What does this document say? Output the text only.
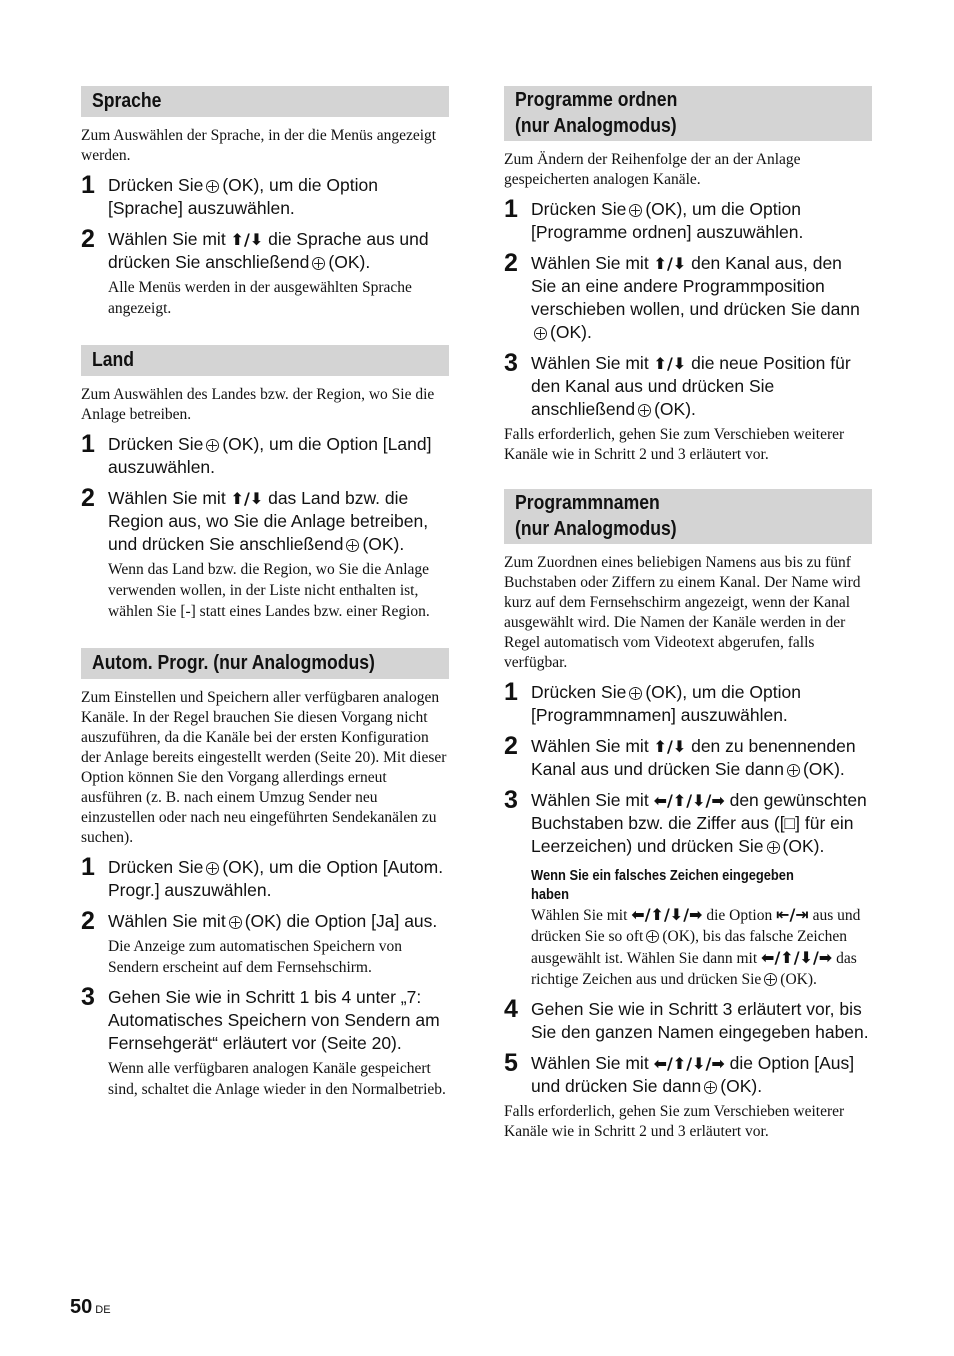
Sprache
Zum Auswählen der Sprache, in der die Menüs angezeigt werden.
1 Drücken Sie (OK), um die Option [Sprache] auszuwählen.
2 Wählen Sie mit ⬆/⬇ die Sprache aus und drücken Sie anschließend (OK).
Alle Menüs werden in der ausgewählten Sprache angezeigt.
Land
Zum Auswählen des Landes bzw. der Region, wo Sie die Anlage betreiben.
1 Drücken Sie (OK), um die Option [Land] auszuwählen.
2 Wählen Sie mit ⬆/⬇ das Land bzw. die Region aus, wo Sie die Anlage betreiben, und drücken Sie anschließend (OK).
Wenn das Land bzw. die Region, wo Sie die Anlage verwenden wollen, in der Liste nicht enthalten ist, wählen Sie [-] statt eines Landes bzw. einer Region.
Autom. Progr. (nur Analogmodus)
Zum Einstellen und Speichern aller verfügbaren analogen Kanäle. In der Regel brauchen Sie diesen Vorgang nicht auszuführen, da die Kanäle bei der ersten Konfiguration der Anlage bereits eingestellt werden (Seite 20). Mit dieser Option können Sie den Vorgang allerdings erneut ausführen (z. B. nach einem Umzug Sender neu einzustellen oder nach neu eingeführten Sendekanälen zu suchen).
1 Drücken Sie (OK), um die Option [Autom. Progr.] auszuwählen.
2 Wählen Sie mit (OK) die Option [Ja] aus.
Die Anzeige zum automatischen Speichern von Sendern erscheint auf dem Fernsehschirm.
3 Gehen Sie wie in Schritt 1 bis 4 unter „7: Automatisches Speichern von Sendern am Fernsehgerät“ erläutert vor (Seite 20).
Wenn alle verfügbaren analogen Kanäle gespeichert sind, schaltet die Anlage wieder in den Normalbetrieb.
Programme ordnen
(nur Analogmodus)
Zum Ändern der Reihenfolge der an der Anlage gespeicherten analogen Kanäle.
1 Drücken Sie (OK), um die Option [Programme ordnen] auszuwählen.
2 Wählen Sie mit ⬆/⬇ den Kanal aus, den Sie an eine andere Programmposition verschieben wollen, und drücken Sie dann(OK).
3 Wählen Sie mit ⬆/⬇ die neue Position für den Kanal aus und drücken Sie anschließend (OK).
Falls erforderlich, gehen Sie zum Verschieben weiterer Kanäle wie in Schritt 2 und 3 erläutert vor.
Programmnamen
(nur Analogmodus)
Zum Zuordnen eines beliebigen Namens aus bis zu fünf Buchstaben oder Ziffern zu einem Kanal. Der Name wird kurz auf dem Fernsehschirm angezeigt, wenn der Kanal ausgewählt wird. Die Namen der Kanäle werden in der Regel automatisch vom Videotext abgerufen, falls verfügbar.
1 Drücken Sie (OK), um die Option [Programmnamen] auszuwählen.
2 Wählen Sie mit ⬆/⬇ den zu benennenden Kanal aus und drücken Sie dann (OK).
3 Wählen Sie mit ⬅/⬆/⬇/➡ den gewünschten Buchstaben bzw. die Ziffer aus ([□] für ein Leerzeichen) und drücken Sie (OK).
Wenn Sie ein falsches Zeichen eingegeben haben
Wählen Sie mit ⬅/⬆/⬇/➡ die Option ⇤/⇥ aus und drücken Sie so oft (OK), bis das falsche Zeichen ausgewählt ist. Wählen Sie dann mit ⬅/⬆/⬇/➡ das richtige Zeichen aus und drücken Sie (OK).
4 Gehen Sie wie in Schritt 3 erläutert vor, bis Sie den ganzen Namen eingegeben haben.
5 Wählen Sie mit ⬅/⬆/⬇/➡ die Option [Aus] und drücken Sie dann (OK).
Falls erforderlich, gehen Sie zum Verschieben weiterer Kanäle wie in Schritt 2 und 3 erläutert vor.
50 DE
